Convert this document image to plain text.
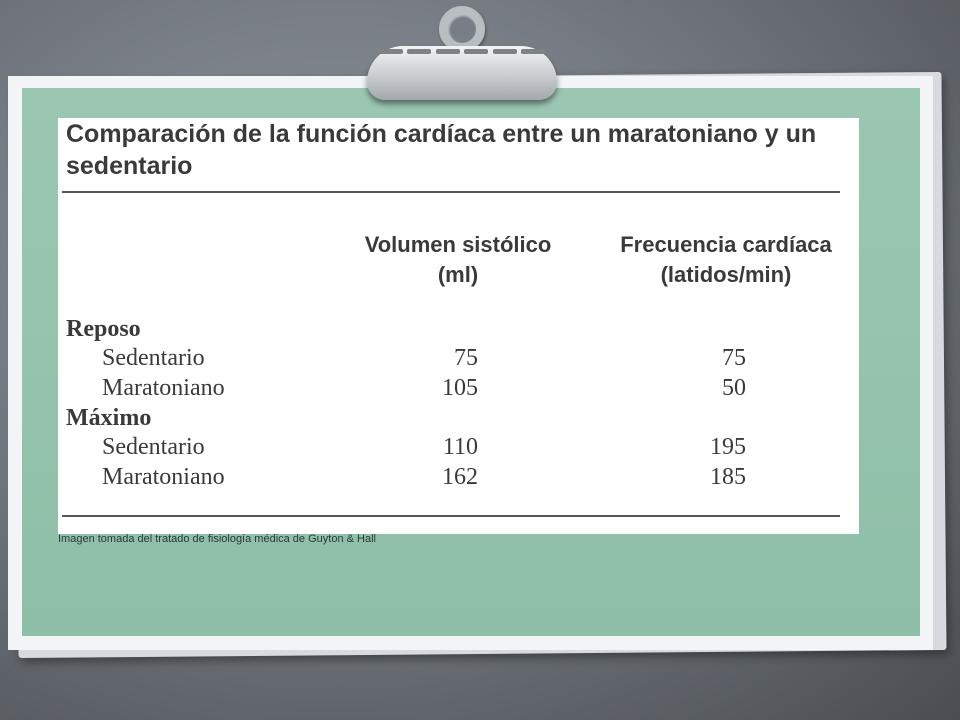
Comparación de la función cardíaca entre un maratoniano y un sedentario
Volumen sistólico
(ml)
Frecuencia cardíaca
(latidos/min)
Reposo
Sedentario	75	75
Maratoniano	105	50
Máximo
Sedentario	110	195
Maratoniano	162	185
Imagen tomada del tratado de fisiología médica de Guyton & Hall
